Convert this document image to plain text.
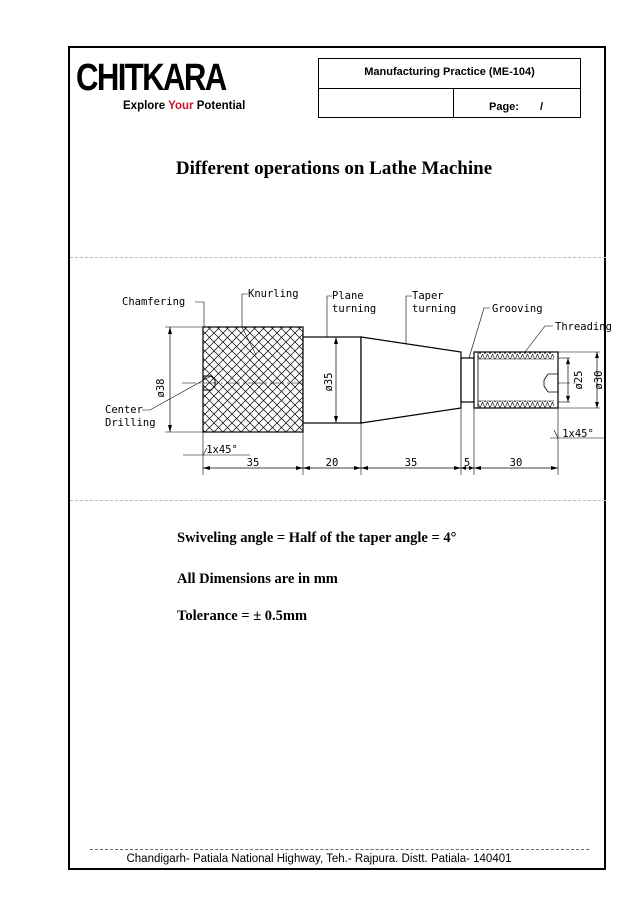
CHITKARA
Explore Your Potential
Manufacturing Practice (ME-104)
Page: /
Different operations on Lathe Machine
ø38	ø35	ø25 ø30
35	20	35	5	30
1x45°
1x45°
Chamfering
Knurling	Plane
turning
Taper
turning	Grooving
Threading
Center
Drilling
Swiveling angle = Half of the taper angle = 4°
All Dimensions are in mm
Tolerance = ± 0.5mm
Chandigarh- Patiala National Highway, Teh.- Rajpura. Distt. Patiala- 140401
